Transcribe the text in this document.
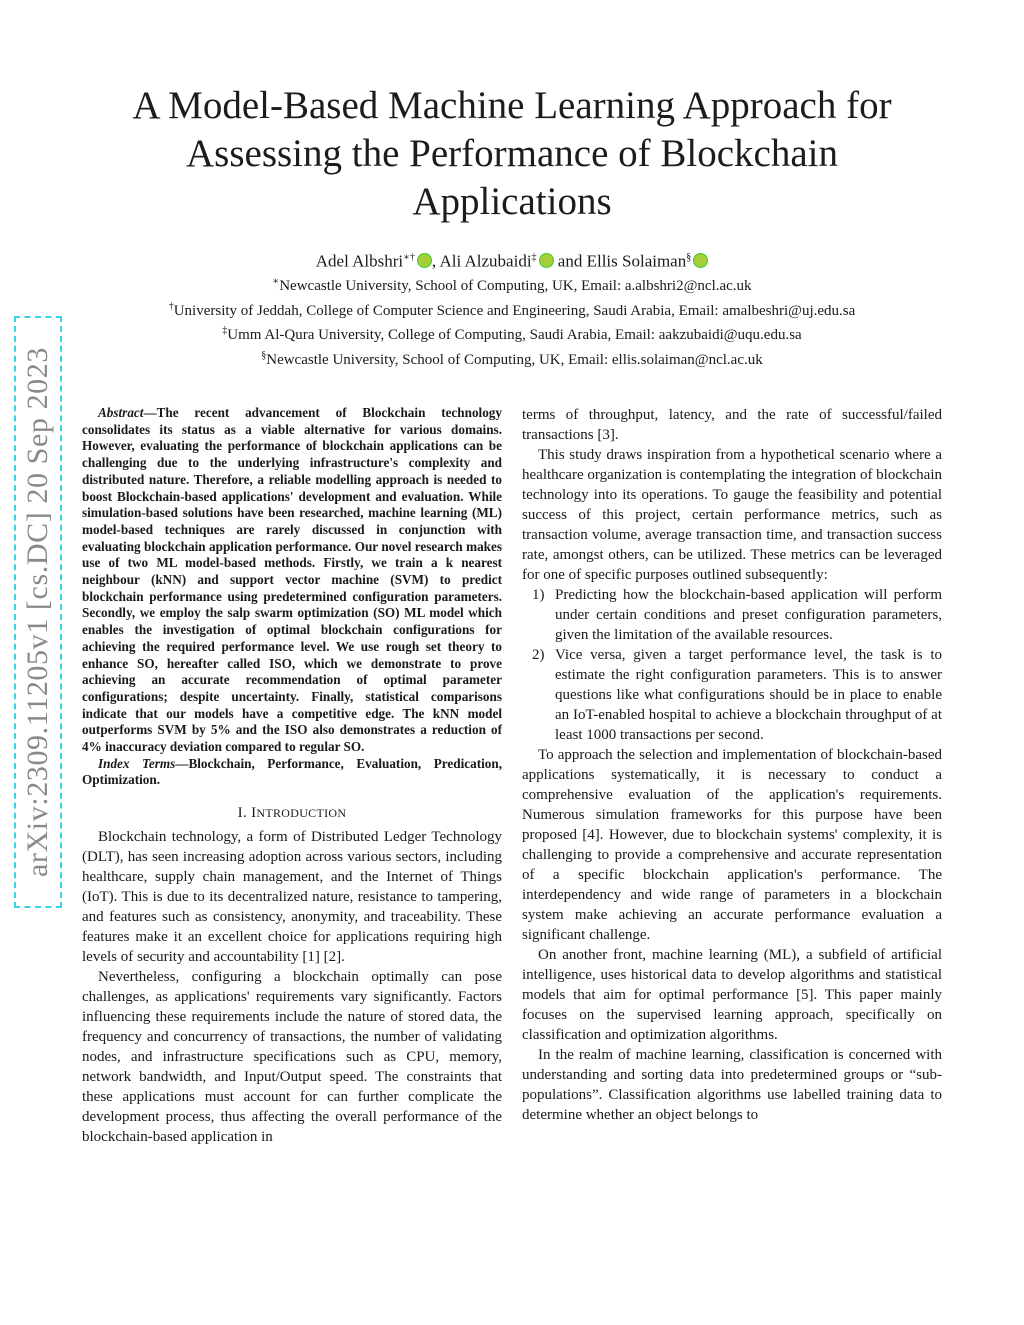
arXiv:2309.11205v1 [cs.DC] 20 Sep 2023
A Model-Based Machine Learning Approach for Assessing the Performance of Blockchain Applications
Adel Albshri∗† , Ali Alzubaidi‡ and Ellis Solaiman§
∗Newcastle University, School of Computing, UK, Email: a.albshri2@ncl.ac.uk
†University of Jeddah, College of Computer Science and Engineering, Saudi Arabia, Email: amalbeshri@uj.edu.sa
‡Umm Al-Qura University, College of Computing, Saudi Arabia, Email: aakzubaidi@uqu.edu.sa
§Newcastle University, School of Computing, UK, Email: ellis.solaiman@ncl.ac.uk

Abstract—The recent advancement of Blockchain technology consolidates its status as a viable alternative for various domains. However, evaluating the performance of blockchain applications can be challenging due to the underlying infrastructure's complexity and distributed nature. Therefore, a reliable modelling approach is needed to boost Blockchain-based applications' development and evaluation. While simulation-based solutions have been researched, machine learning (ML) model-based techniques are rarely discussed in conjunction with evaluating blockchain application performance. Our novel research makes use of two ML model-based methods. Firstly, we train a k nearest neighbour (kNN) and support vector machine (SVM) to predict blockchain performance using predetermined configuration parameters. Secondly, we employ the salp swarm optimization (SO) ML model which enables the investigation of optimal blockchain configurations for achieving the required performance level. We use rough set theory to enhance SO, hereafter called ISO, which we demonstrate to prove achieving an accurate recommendation of optimal parameter configurations; despite uncertainty. Finally, statistical comparisons indicate that our models have a competitive edge. The kNN model outperforms SVM by 5% and the ISO also demonstrates a reduction of 4% inaccuracy deviation compared to regular SO.

Index Terms—Blockchain, Performance, Evaluation, Predication, Optimization.

I. INTRODUCTION

Blockchain technology, a form of Distributed Ledger Technology (DLT), has seen increasing adoption across various sectors, including healthcare, supply chain management, and the Internet of Things (IoT). This is due to its decentralized nature, resistance to tampering, and features such as consistency, anonymity, and traceability. These features make it an excellent choice for applications requiring high levels of security and accountability [1] [2].

Nevertheless, configuring a blockchain optimally can pose challenges, as applications' requirements vary significantly. Factors influencing these requirements include the nature of stored data, the frequency and concurrency of transactions, the number of validating nodes, and infrastructure specifications such as CPU, memory, network bandwidth, and Input/Output speed. The constraints that these applications must account for can further complicate the development process, thus affecting the overall performance of the blockchain-based application in

terms of throughput, latency, and the rate of successful/failed transactions [3].

This study draws inspiration from a hypothetical scenario where a healthcare organization is contemplating the integration of blockchain technology into its operations. To gauge the feasibility and potential success of this project, certain performance metrics, such as transaction volume, average transaction time, and transaction success rate, amongst others, can be utilized. These metrics can be leveraged for one of specific purposes outlined subsequently:

1) Predicting how the blockchain-based application will perform under certain conditions and preset configuration parameters, given the limitation of the available resources.
2) Vice versa, given a target performance level, the task is to estimate the right configuration parameters. This is to answer questions like what configurations should be in place to enable an IoT-enabled hospital to achieve a blockchain throughput of at least 1000 transactions per second.

To approach the selection and implementation of blockchain-based applications systematically, it is necessary to conduct a comprehensive evaluation of the application's requirements. Numerous simulation frameworks for this purpose have been proposed [4]. However, due to blockchain systems' complexity, it is challenging to provide a comprehensive and accurate representation of a specific blockchain application's performance. The interdependency and wide range of parameters in a blockchain system make achieving an accurate performance evaluation a significant challenge.

On another front, machine learning (ML), a subfield of artificial intelligence, uses historical data to develop algorithms and statistical models that aim for optimal performance [5]. This paper mainly focuses on the supervised learning approach, specifically on classification and optimization algorithms.

In the realm of machine learning, classification is concerned with understanding and sorting data into predetermined groups or “sub-populations”. Classification algorithms use labelled training data to determine whether an object belongs to
